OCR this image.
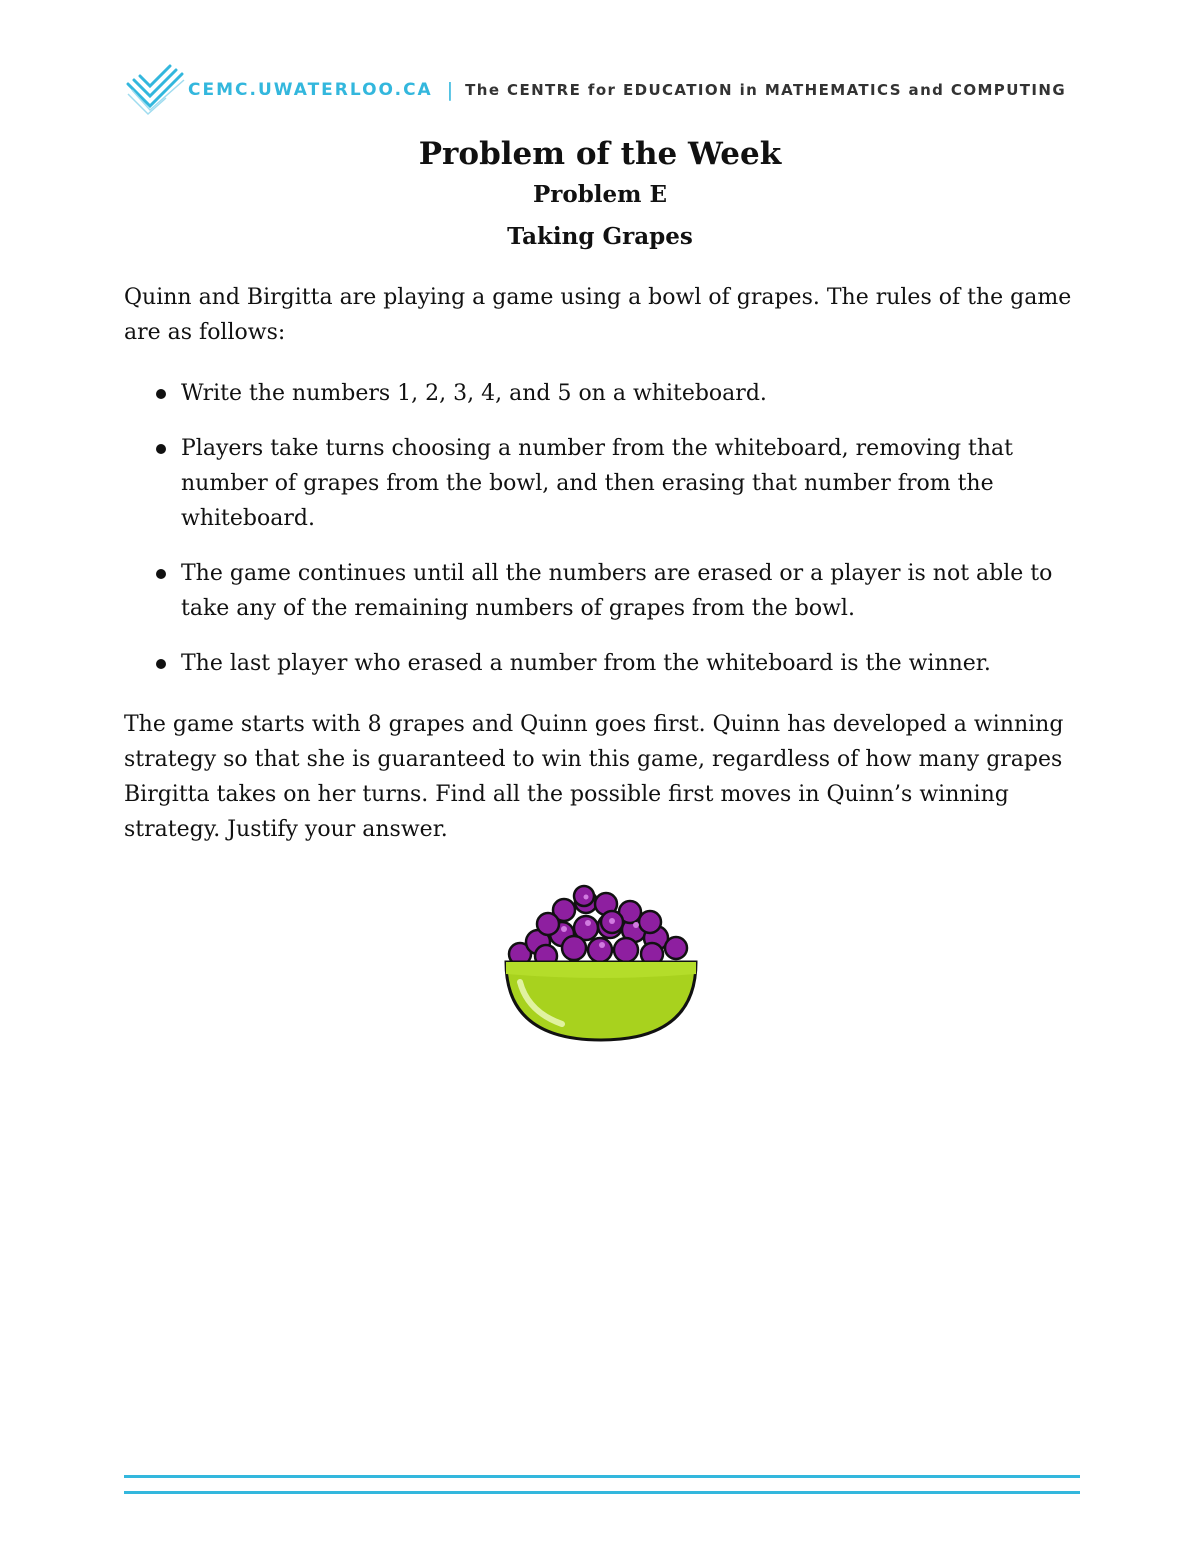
CEMC.UWATERLOO.CA | The CENTRE for EDUCATION in MATHEMATICS and COMPUTING
Problem of the Week
Problem E
Taking Grapes

Quinn and Birgitta are playing a game using a bowl of grapes. The rules of the game are as follows:

Write the numbers 1, 2, 3, 4, and 5 on a whiteboard.
Players take turns choosing a number from the whiteboard, removing that number of grapes from the bowl, and then erasing that number from the whiteboard.
The game continues until all the numbers are erased or a player is not able to take any of the remaining numbers of grapes from the bowl.
The last player who erased a number from the whiteboard is the winner.

The game starts with 8 grapes and Quinn goes first. Quinn has developed a winning strategy so that she is guaranteed to win this game, regardless of how many grapes Birgitta takes on her turns. Find all the possible first moves in Quinn’s winning strategy. Justify your answer.
